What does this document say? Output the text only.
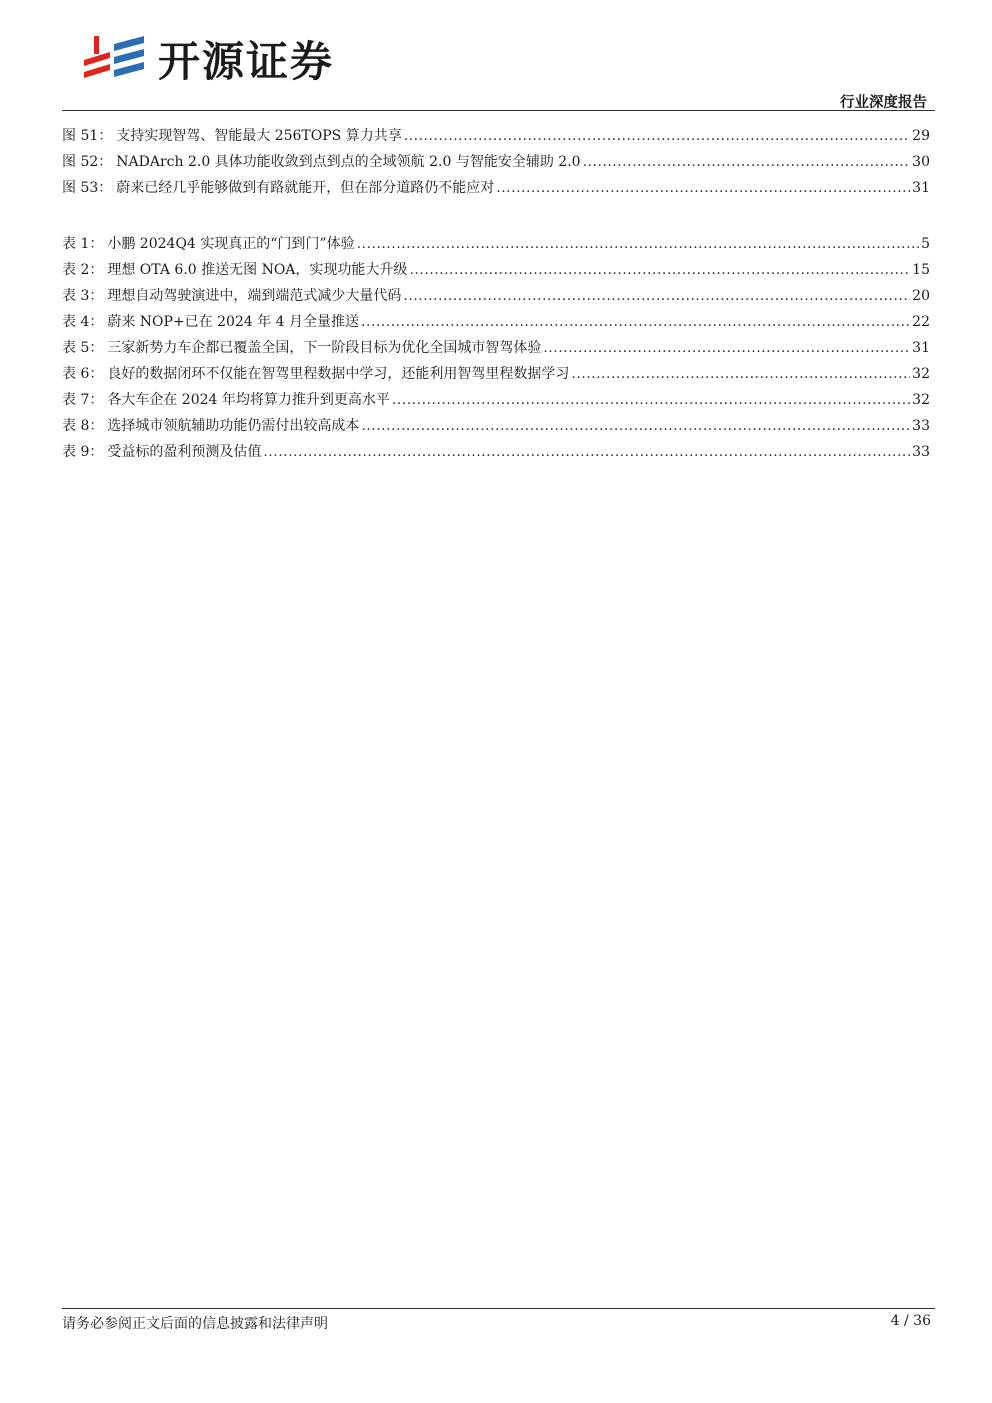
开源证券
行业深度报告
图 51： 支持实现智驾、智能最大 256TOPS 算力共享 .....	29
图 52： NADArch 2.0 具体功能收敛到点到点的全域领航 2.0 与智能安全辅助 2.0 .....	30
图 53： 蔚来已经几乎能够做到有路就能开，但在部分道路仍不能应对 .....	31
表 1： 小鹏 2024Q4 实现真正的“门到门”体验 .....	5
表 2： 理想 OTA 6.0 推送无图 NOA，实现功能大升级 .....	15
表 3： 理想自动驾驶演进中，端到端范式减少大量代码 .....	20
表 4： 蔚来 NOP+已在 2024 年 4 月全量推送 .....	22
表 5： 三家新势力车企都已覆盖全国，下一阶段目标为优化全国城市智驾体验 .....	31
表 6： 良好的数据闭环不仅能在智驾里程数据中学习，还能利用智驾里程数据学习 .....	32
表 7： 各大车企在 2024 年均将算力推升到更高水平 .....	32
表 8： 选择城市领航辅助功能仍需付出较高成本 .....	33
表 9： 受益标的盈利预测及估值 .....	33
请务必参阅正文后面的信息披露和法律声明	4 / 36
